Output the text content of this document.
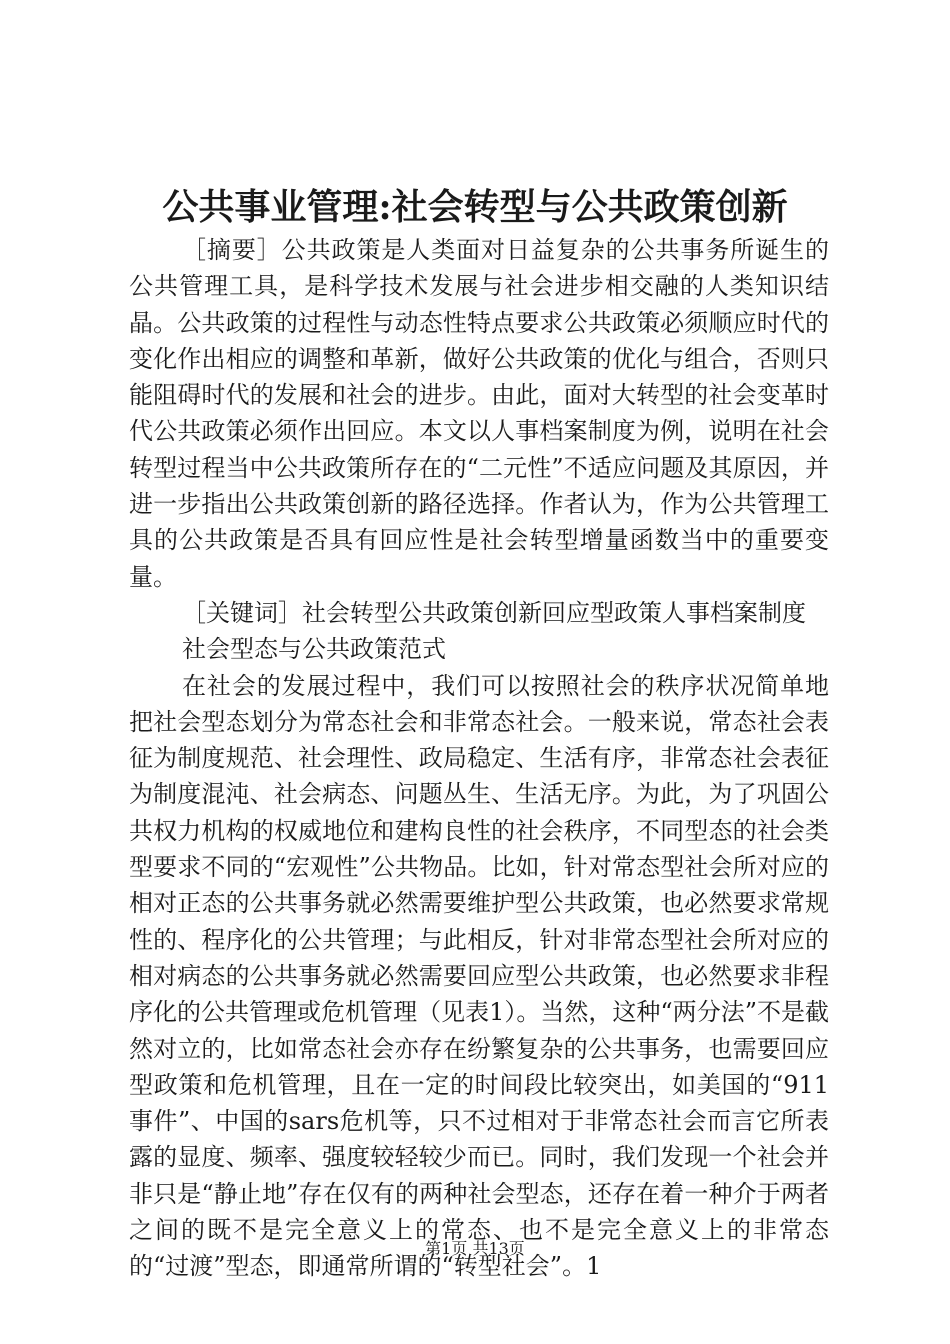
公共事业管理:社会转型与公共政策创新

［摘要］公共政策是人类面对日益复杂的公共事务所诞生的公共管理工具，是科学技术发展与社会进步相交融的人类知识结晶。公共政策的过程性与动态性特点要求公共政策必须顺应时代的变化作出相应的调整和革新，做好公共政策的优化与组合，否则只能阻碍时代的发展和社会的进步。由此，面对大转型的社会变革时代公共政策必须作出回应。本文以人事档案制度为例，说明在社会转型过程当中公共政策所存在的“二元性”不适应问题及其原因，并进一步指出公共政策创新的路径选择。作者认为，作为公共管理工具的公共政策是否具有回应性是社会转型增量函数当中的重要变量。

［关键词］社会转型公共政策创新回应型政策人事档案制度

社会型态与公共政策范式

在社会的发展过程中，我们可以按照社会的秩序状况简单地把社会型态划分为常态社会和非常态社会。一般来说，常态社会表征为制度规范、社会理性、政局稳定、生活有序，非常态社会表征为制度混沌、社会病态、问题丛生、生活无序。为此，为了巩固公共权力机构的权威地位和建构良性的社会秩序，不同型态的社会类型要求不同的“宏观性”公共物品。比如，针对常态型社会所对应的相对正态的公共事务就必然需要维护型公共政策，也必然要求常规性的、程序化的公共管理；与此相反，针对非常态型社会所对应的相对病态的公共事务就必然需要回应型公共政策，也必然要求非程序化的公共管理或危机管理（见表1）。当然，这种“两分法”不是截然对立的，比如常态社会亦存在纷繁复杂的公共事务，也需要回应型政策和危机管理，且在一定的时间段比较突出，如美国的“911事件”、中国的sars危机等，只不过相对于非常态社会而言它所表露的显度、频率、强度较轻较少而已。同时，我们发现一个社会并非只是“静止地”存在仅有的两种社会型态，还存在着一种介于两者之间的既不是完全意义上的常态、也不是完全意义上的非常态的“过渡”型态，即通常所谓的“转型社会”。1

第1页 共13页
